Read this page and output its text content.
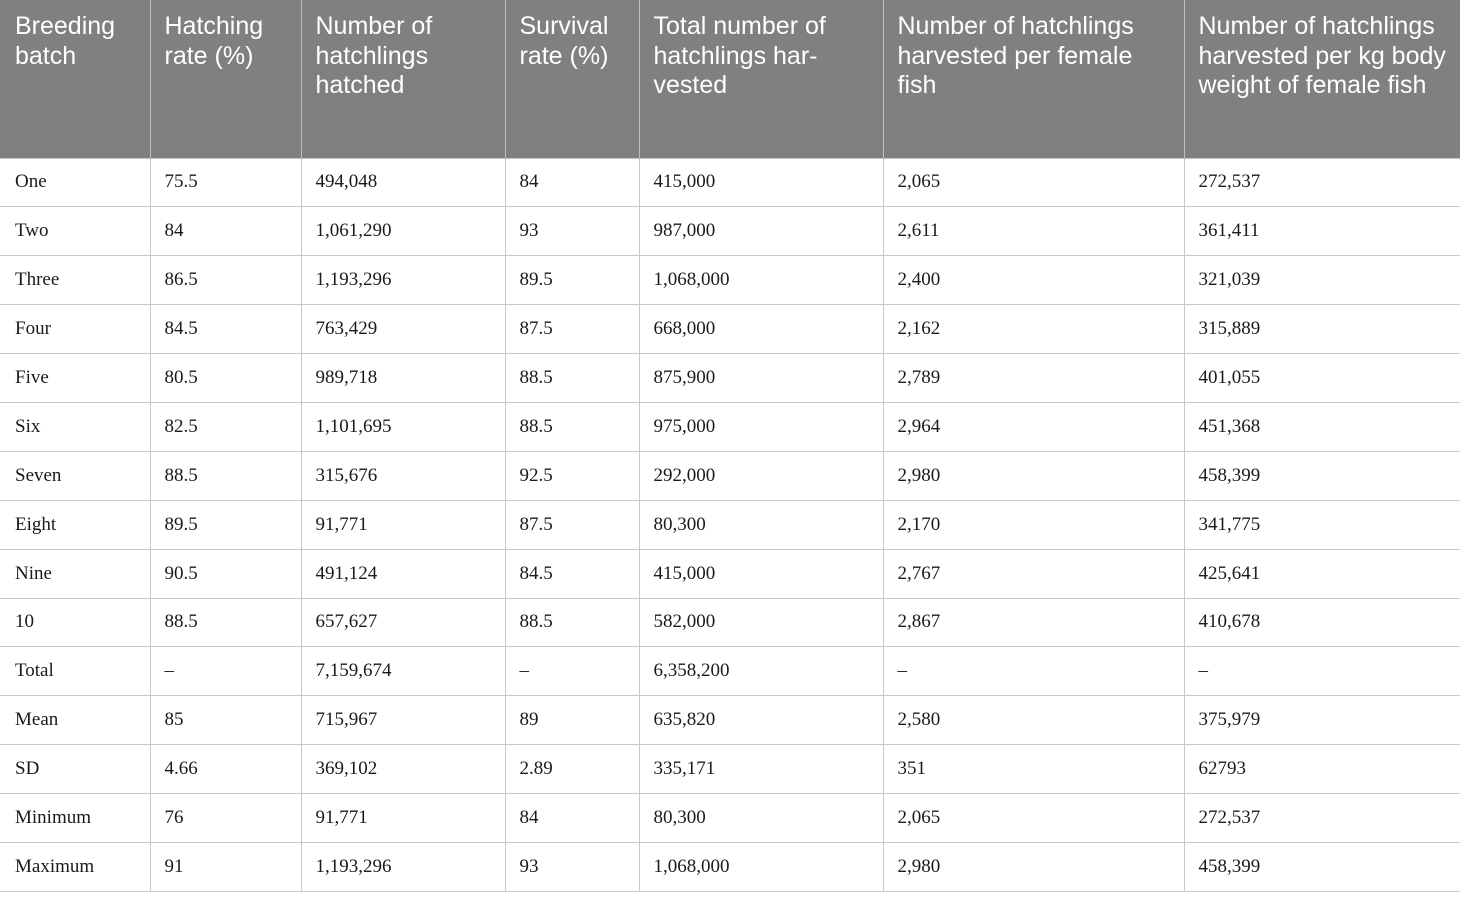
Breeding batch	Hatching rate (%)	Number of hatchlings hatched	Survival rate (%)	Total number of hatchlings har-vested	Number of hatchlings harvested per female fish	Number of hatchlings harvested per kg body weight of female fish
One	75.5	494,048	84	415,000	2,065	272,537
Two	84	1,061,290	93	987,000	2,611	361,411
Three	86.5	1,193,296	89.5	1,068,000	2,400	321,039
Four	84.5	763,429	87.5	668,000	2,162	315,889
Five	80.5	989,718	88.5	875,900	2,789	401,055
Six	82.5	1,101,695	88.5	975,000	2,964	451,368
Seven	88.5	315,676	92.5	292,000	2,980	458,399
Eight	89.5	91,771	87.5	80,300	2,170	341,775
Nine	90.5	491,124	84.5	415,000	2,767	425,641
10	88.5	657,627	88.5	582,000	2,867	410,678
Total	–	7,159,674	–	6,358,200	–	–
Mean	85	715,967	89	635,820	2,580	375,979
SD	4.66	369,102	2.89	335,171	351	62793
Minimum	76	91,771	84	80,300	2,065	272,537
Maximum	91	1,193,296	93	1,068,000	2,980	458,399
